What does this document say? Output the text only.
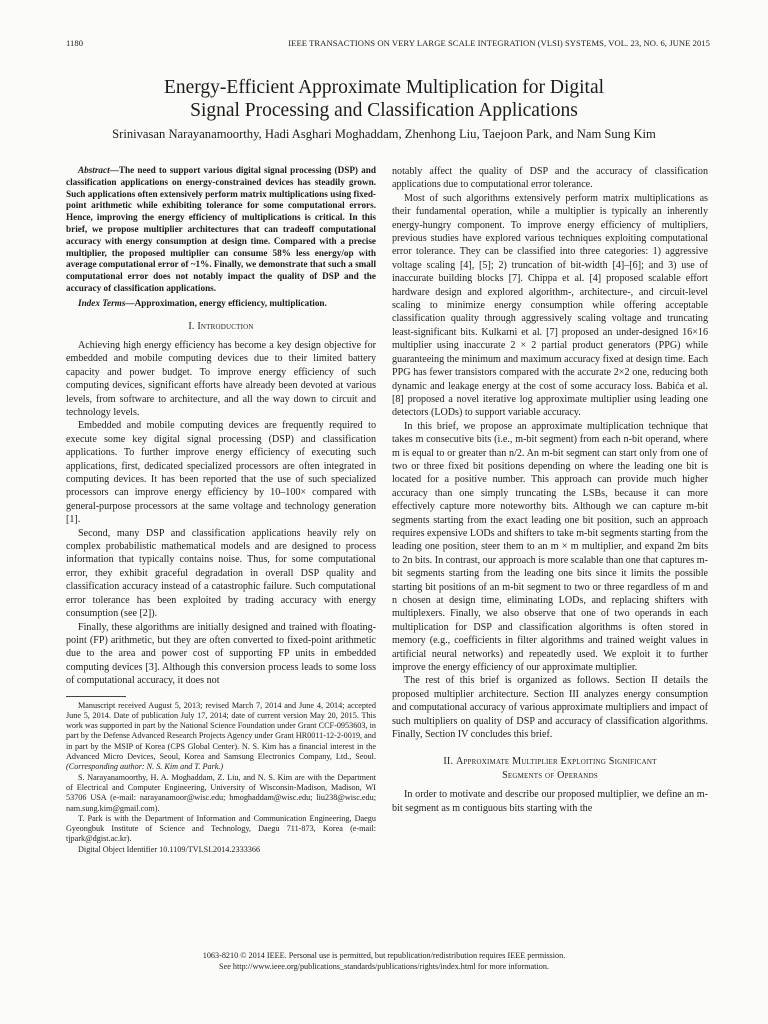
1180	IEEE TRANSACTIONS ON VERY LARGE SCALE INTEGRATION (VLSI) SYSTEMS, VOL. 23, NO. 6, JUNE 2015
Energy-Efficient Approximate Multiplication for Digital
Signal Processing and Classification Applications
Srinivasan Narayanamoorthy, Hadi Asghari Moghaddam, Zhenhong Liu, Taejoon Park, and Nam Sung Kim

Abstract—The need to support various digital signal processing (DSP) and classification applications on energy-constrained devices has steadily grown. Such applications often extensively perform matrix multiplications using fixed-point arithmetic while exhibiting tolerance for some computational errors. Hence, improving the energy efficiency of multiplications is critical. In this brief, we propose multiplier architectures that can tradeoff computational accuracy with energy consumption at design time. Compared with a precise multiplier, the proposed multiplier can consume 58% less energy/op with average computational error of ~1%. Finally, we demonstrate that such a small computational error does not notably impact the quality of DSP and the accuracy of classification applications.

Index Terms—Approximation, energy efficiency, multiplication.

I. Introduction

Achieving high energy efficiency has become a key design objective for embedded and mobile computing devices due to their limited battery capacity and power budget. To improve energy efficiency of such computing devices, significant efforts have already been devoted at various levels, from software to architecture, and all the way down to circuit and technology levels.

Embedded and mobile computing devices are frequently required to execute some key digital signal processing (DSP) and classification applications. To further improve energy efficiency of executing such applications, first, dedicated specialized processors are often integrated in computing devices. It has been reported that the use of such specialized processors can improve energy efficiency by 10–100× compared with general-purpose processors at the same voltage and technology generation [1].

Second, many DSP and classification applications heavily rely on complex probabilistic mathematical models and are designed to process information that typically contains noise. Thus, for some computational error, they exhibit graceful degradation in overall DSP quality and classification accuracy instead of a catastrophic failure. Such computational error tolerance has been exploited by trading accuracy with energy consumption (see [2]).

Finally, these algorithms are initially designed and trained with floating-point (FP) arithmetic, but they are often converted to fixed-point arithmetic due to the area and power cost of supporting FP units in embedded computing devices [3]. Although this conversion process leads to some loss of computational accuracy, it does not

Manuscript received August 5, 2013; revised March 7, 2014 and June 4, 2014; accepted June 5, 2014. Date of publication July 17, 2014; date of current version May 20, 2015. This work was supported in part by the National Science Foundation under Grant CCF-0953603, in part by the Defense Advanced Research Projects Agency under Grant HR0011-12-2-0019, and in part by the MSIP of Korea (CPS Global Center). N. S. Kim has a financial interest in the Advanced Micro Devices, Seoul, Korea and Samsung Electronics Company, Ltd., Seoul. (Corresponding author: N. S. Kim and T. Park.)

S. Narayanamoorthy, H. A. Moghaddam, Z. Liu, and N. S. Kim are with the Department of Electrical and Computer Engineering, University of Wisconsin-Madison, Madison, WI 53706 USA (e-mail: narayanamoor@wisc.edu; hmoghaddam@wisc.edu; liu238@wisc.edu; nam.sung.kim@gmail.com).

T. Park is with the Department of Information and Communication Engineering, Daegu Gyeongbuk Institute of Science and Technology, Daegu 711-873, Korea (e-mail: tjpark@dgist.ac.kr).

Digital Object Identifier 10.1109/TVLSI.2014.2333366

notably affect the quality of DSP and the accuracy of classification applications due to computational error tolerance.

Most of such algorithms extensively perform matrix multiplications as their fundamental operation, while a multiplier is typically an inherently energy-hungry component. To improve energy efficiency of multipliers, previous studies have explored various techniques exploiting computational error tolerance. They can be classified into three categories: 1) aggressive voltage scaling [4], [5]; 2) truncation of bit-width [4]–[6]; and 3) use of inaccurate building blocks [7]. Chippa et al. [4] proposed scalable effort hardware design and explored algorithm-, architecture-, and circuit-level scaling to minimize energy consumption while offering acceptable classification quality through aggressively scaling voltage and truncating least-significant bits. Kulkarni et al. [7] proposed an under-designed 16×16 multiplier using inaccurate 2 × 2 partial product generators (PPG) while guaranteeing the minimum and maximum accuracy fixed at design time. Each PPG has fewer transistors compared with the accurate 2×2 one, reducing both dynamic and leakage energy at the cost of some accuracy loss. Babića et al. [8] proposed a novel iterative log approximate multiplier using leading one detectors (LODs) to support variable accuracy.

In this brief, we propose an approximate multiplication technique that takes m consecutive bits (i.e., m-bit segment) from each n-bit operand, where m is equal to or greater than n/2. An m-bit segment can start only from one of two or three fixed bit positions depending on where the leading one bit is located for a positive number. This approach can provide much higher accuracy than one simply truncating the LSBs, because it can more effectively capture more noteworthy bits. Although we can capture m-bit segments starting from the exact leading one bit position, such an approach requires expensive LODs and shifters to take m-bit segments starting from the leading one position, steer them to an m × m multiplier, and expand 2m bits to 2n bits. In contrast, our approach is more scalable than one that captures m-bit segments starting from the leading one bits since it limits the possible starting bit positions of an m-bit segment to two or three regardless of m and n chosen at design time, eliminating LODs, and replacing shifters with multiplexers. Finally, we also observe that one of two operands in each multiplication for DSP and classification algorithms is often stored in memory (e.g., coefficients in filter algorithms and trained weight values in artificial neural networks) and repeatedly used. We exploit it to further improve the energy efficiency of our approximate multiplier.

The rest of this brief is organized as follows. Section II details the proposed multiplier architecture. Section III analyzes energy consumption and computational accuracy of various approximate multipliers and impact of such multipliers on quality of DSP and accuracy of classification algorithms. Finally, Section IV concludes this brief.

II. Approximate Multiplier Exploiting Significant
Segments of Operands

In order to motivate and describe our proposed multiplier, we define an m-bit segment as m contiguous bits starting with the

1063-8210 © 2014 IEEE. Personal use is permitted, but republication/redistribution requires IEEE permission.
See http://www.ieee.org/publications_standards/publications/rights/index.html for more information.
